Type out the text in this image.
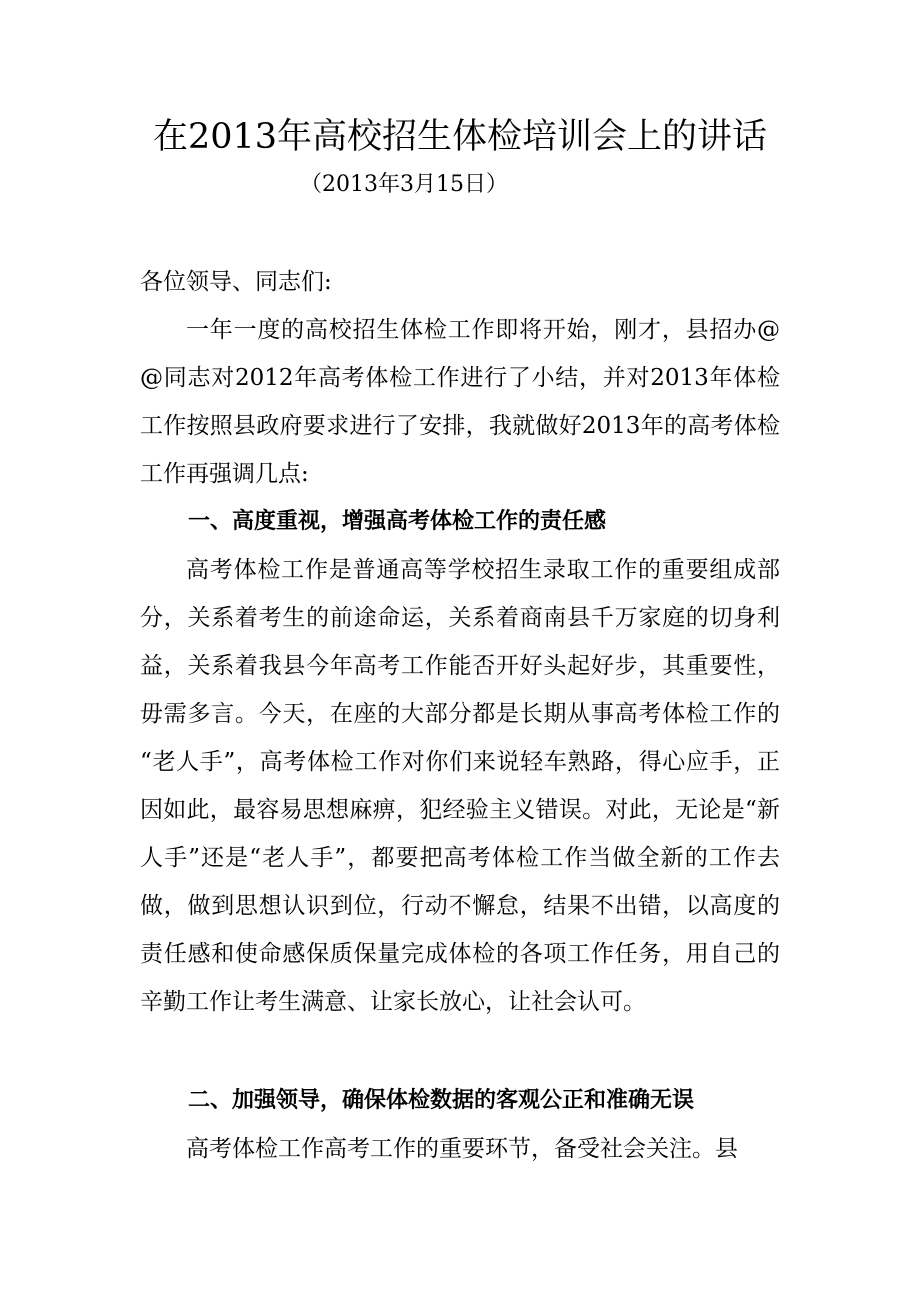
在2013年高校招生体检培训会上的讲话
（2013年3月15日）
各位领导、同志们:
一年一度的高校招生体检工作即将开始，刚才，县招办@@同志对2012年高考体检工作进行了小结，并对2013年体检工作按照县政府要求进行了安排，我就做好2013年的高考体检工作再强调几点:
一、高度重视，增强高考体检工作的责任感
高考体检工作是普通高等学校招生录取工作的重要组成部分，关系着考生的前途命运，关系着商南县千万家庭的切身利益，关系着我县今年高考工作能否开好头起好步，其重要性，毋需多言。今天，在座的大部分都是长期从事高考体检工作的 “老人手”，高考体检工作对你们来说轻车熟路，得心应手，正因如此，最容易思想麻痹，犯经验主义错误。对此，无论是“新人手”还是“老人手”，都要把高考体检工作当做全新的工作去做，做到思想认识到位，行动不懈怠，结果不出错，以高度的责任感和使命感保质保量完成体检的各项工作任务，用自己的辛勤工作让考生满意、让家长放心，让社会认可。
二、加强领导，确保体检数据的客观公正和准确无误
高考体检工作高考工作的重要环节，备受社会关注。县
